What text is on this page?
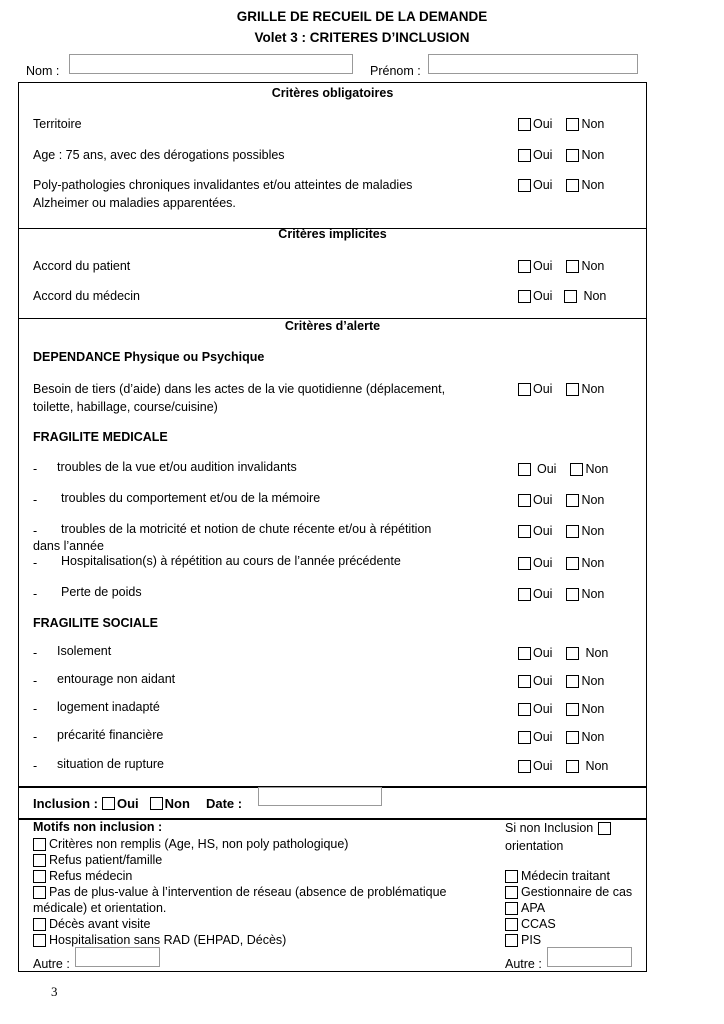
GRILLE DE RECUEIL DE LA DEMANDE
Volet 3 : CRITERES D’INCLUSION
Nom :	Prénom :
Critères obligatoires
Territoire	Oui Non
Age : 75 ans, avec des dérogations possibles	Oui Non
Poly-pathologies chroniques invalidantes et/ou atteintes de maladies
Alzheimer ou maladies apparentées.
Oui Non
Critères implicites
Accord du patient	Oui Non
Accord du médecin	Oui Non
Critères d’alerte
DEPENDANCE Physique ou Psychique
Besoin de tiers (d’aide) dans les actes de la vie quotidienne (déplacement,
toilette, habillage, course/cuisine)
Oui Non
FRAGILITE MEDICALE
- troubles de la vue et/ou audition invalidants	Oui Non
- troubles du comportement et/ou de la mémoire	Oui Non
- troubles de la motricité et notion de chute récente et/ou à répétition
dans l’année
Oui Non
- Hospitalisation(s) à répétition au cours de l’année précédente	Oui Non
- Perte de poids	Oui Non
FRAGILITE SOCIALE
- Isolement	Oui	Non
- entourage non aidant	Oui Non
- logement inadapté	Oui Non
- précarité financière	Oui Non
- situation de rupture	Oui	Non
Inclusion : Oui Non Date :
Motifs non inclusion :
Critères non remplis (Age, HS, non poly pathologique)
Refus patient/famille
Refus médecin
Pas de plus-value à l’intervention de réseau (absence de problématique
médicale) et orientation.
Décès avant visite
Hospitalisation sans RAD (EHPAD, Décès)
Autre :
Si non Inclusion
orientation
Médecin traitant
Gestionnaire de cas
APA
CCAS
PIS
Autre :
3
